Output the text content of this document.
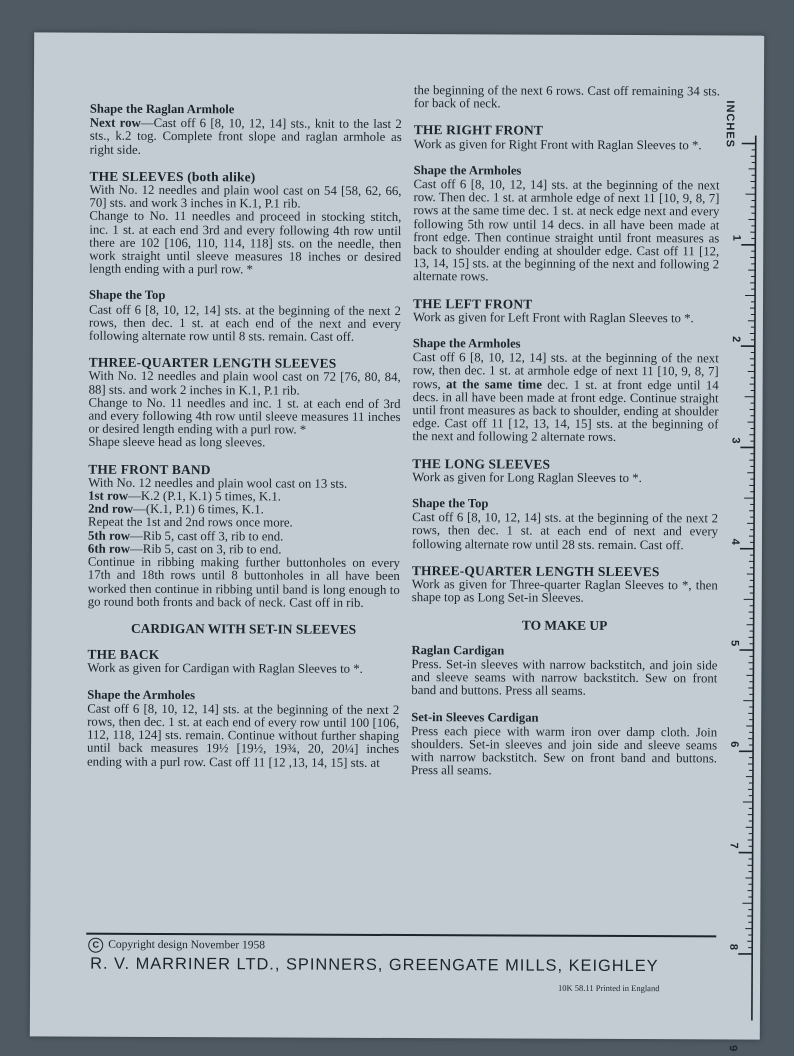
Shape the Raglan Armhole
Next row—Cast off 6 [8, 10, 12, 14] sts., knit to the last 2 sts., k.2 tog. Complete front slope and raglan armhole as right side.
THE SLEEVES (both alike)
With No. 12 needles and plain wool cast on 54 [58, 62, 66, 70] sts. and work 3 inches in K.1, P.1 rib.
Change to No. 11 needles and proceed in stocking stitch, inc. 1 st. at each end 3rd and every following 4th row until there are 102 [106, 110, 114, 118] sts. on the needle, then work straight until sleeve measures 18 inches or desired length ending with a purl row. *
Shape the Top
Cast off 6 [8, 10, 12, 14] sts. at the beginning of the next 2 rows, then dec. 1 st. at each end of the next and every following alternate row until 8 sts. remain. Cast off.
THREE-QUARTER LENGTH SLEEVES
With No. 12 needles and plain wool cast on 72 [76, 80, 84, 88] sts. and work 2 inches in K.1, P.1 rib.
Change to No. 11 needles and inc. 1 st. at each end of 3rd and every following 4th row until sleeve measures 11 inches or desired length ending with a purl row. *
Shape sleeve head as long sleeves.
THE FRONT BAND
With No. 12 needles and plain wool cast on 13 sts.
1st row—K.2 (P.1, K.1) 5 times, K.1.
2nd row—(K.1, P.1) 6 times, K.1.
Repeat the 1st and 2nd rows once more.
5th row—Rib 5, cast off 3, rib to end.
6th row—Rib 5, cast on 3, rib to end.
Continue in ribbing making further buttonholes on every 17th and 18th rows until 8 buttonholes in all have been worked then continue in ribbing until band is long enough to go round both fronts and back of neck. Cast off in rib.
CARDIGAN WITH SET-IN SLEEVES
THE BACK
Work as given for Cardigan with Raglan Sleeves to *.
Shape the Armholes
Cast off 6 [8, 10, 12, 14] sts. at the beginning of the next 2 rows, then dec. 1 st. at each end of every row until 100 [106, 112, 118, 124] sts. remain. Continue without further shaping until back measures 19½ [19½, 19¾, 20, 20¼] inches ending with a purl row. Cast off 11 [12 ,13, 14, 15] sts. at
the beginning of the next 6 rows. Cast off remaining 34 sts. for back of neck.
THE RIGHT FRONT
Work as given for Right Front with Raglan Sleeves to *.
Shape the Armholes
Cast off 6 [8, 10, 12, 14] sts. at the beginning of the next row. Then dec. 1 st. at armhole edge of next 11 [10, 9, 8, 7] rows at the same time dec. 1 st. at neck edge next and every following 5th row until 14 decs. in all have been made at front edge. Then continue straight until front measures as back to shoulder ending at shoulder edge. Cast off 11 [12, 13, 14, 15] sts. at the beginning of the next and following 2 alternate rows.
THE LEFT FRONT
Work as given for Left Front with Raglan Sleeves to *.
Shape the Armholes
Cast off 6 [8, 10, 12, 14] sts. at the beginning of the next row, then dec. 1 st. at armhole edge of next 11 [10, 9, 8, 7] rows, at the same time dec. 1 st. at front edge until 14 decs. in all have been made at front edge. Continue straight until front measures as back to shoulder, ending at shoulder edge. Cast off 11 [12, 13, 14, 15] sts. at the beginning of the next and following 2 alternate rows.
THE LONG SLEEVES
Work as given for Long Raglan Sleeves to *.
Shape the Top
Cast off 6 [8, 10, 12, 14] sts. at the beginning of the next 2 rows, then dec. 1 st. at each end of next and every following alternate row until 28 sts. remain. Cast off.
THREE-QUARTER LENGTH SLEEVES
Work as given for Three-quarter Raglan Sleeves to *, then shape top as Long Set-in Sleeves.
TO MAKE UP
Raglan Cardigan
Press. Set-in sleeves with narrow backstitch, and join side and sleeve seams with narrow backstitch. Sew on front band and buttons. Press all seams.
Set-in Sleeves Cardigan
Press each piece with warm iron over damp cloth. Join shoulders. Set-in sleeves and join side and sleeve seams with narrow backstitch. Sew on front band and buttons. Press all seams.
C Copyright design November 1958
R. V. MARRINER LTD., SPINNERS, GREENGATE MILLS, KEIGHLEY
10K 58.11 Printed in England
1
2
3
4
5
6
7
8
9
INCHES
